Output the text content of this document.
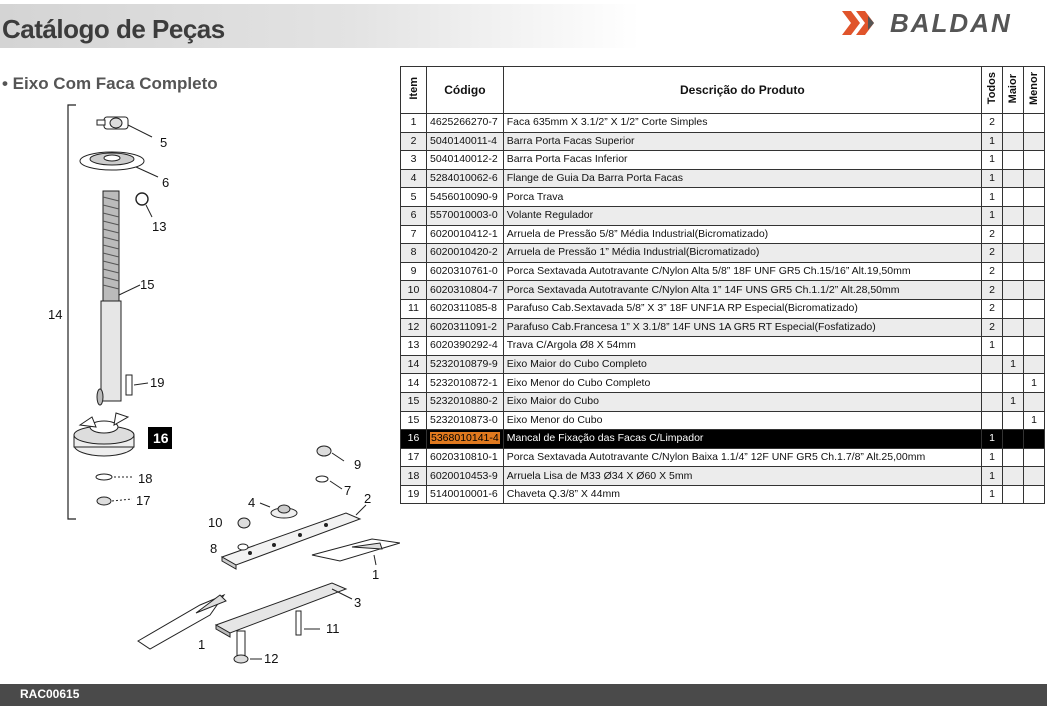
Catálogo de Peças	BALDAN
• Eixo Com Faca Completo
5
6
13
15
14
19
16
18
17
9
7
2
4
10
8
1
3
11
1
12
Item	Código	Descrição do Produto	Todos	Maior	Menor
1	4625266270-7	Faca 635mm X 3.1/2” X 1/2” Corte Simples	2		
2	5040140011-4	Barra Porta Facas Superior	1		
3	5040140012-2	Barra Porta Facas Inferior	1		
4	5284010062-6	Flange de Guia Da Barra Porta Facas	1		
5	5456010090-9	Porca Trava	1		
6	5570010003-0	Volante Regulador	1		
7	6020010412-1	Arruela de Pressão 5/8” Média Industrial(Bicromatizado)	2		
8	6020010420-2	Arruela de Pressão 1” Média Industrial(Bicromatizado)	2		
9	6020310761-0	Porca Sextavada Autotravante C/Nylon Alta 5/8” 18F UNF GR5 Ch.15/16” Alt.19,50mm	2		
10	6020310804-7	Porca Sextavada Autotravante C/Nylon Alta 1” 14F UNS GR5 Ch.1.1/2” Alt.28,50mm	2		
11	6020311085-8	Parafuso Cab.Sextavada 5/8” X 3” 18F UNF1A RP Especial(Bicromatizado)	2		
12	6020311091-2	Parafuso Cab.Francesa 1” X 3.1/8” 14F UNS 1A GR5 RT Especial(Fosfatizado)	2		
13	6020390292-4	Trava C/Argola Ø8 X 54mm	1		
14	5232010879-9	Eixo Maior do Cubo Completo		1	
14	5232010872-1	Eixo Menor do Cubo Completo			1
15	5232010880-2	Eixo Maior do Cubo		1	
15	5232010873-0	Eixo Menor do Cubo			1
16	5368010141-4	Mancal de Fixação das Facas C/Limpador	1		
17	6020310810-1	Porca Sextavada Autotravante C/Nylon Baixa 1.1/4” 12F UNF GR5 Ch.1.7/8” Alt.25,00mm	1		
18	6020010453-9	Arruela Lisa de M33 Ø34 X Ø60 X 5mm	1		
19	5140010001-6	Chaveta Q.3/8” X 44mm	1		
RAC00615
